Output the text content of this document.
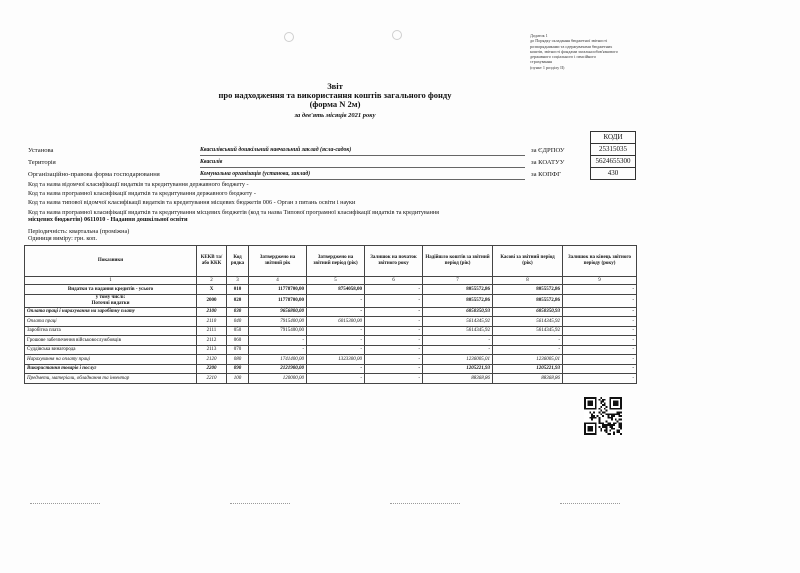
Додаток 1
до Порядку складання бюджетної звітності
розпорядниками та одержувачами бюджетних
коштів, звітності фондами загальнообов'язкового
державного соціального і пенсійного
страхування
(пункт 1 розділу II)
Звіт
про надходження та використання коштів загального фонду
(форма N 2м)
за дев'ять місяців 2021 року
КОДИ
Установа	Квасилівський дошкільний навчальний заклад (ясла-садок)	за ЄДРПОУ	25315035
Територія	Квасилів	за КОАТУУ	5624655300
Організаційно-правова форма господарювання	Комунальна організація (установа, заклад)	за КОПФГ	430
Код та назва відомчої класифікації видатків та кредитування державного бюджету -
Код та назва програмної класифікації видатків та кредитування державного бюджету -
Код та назва типової відомчої класифікації видатків та кредитування місцевих бюджетів 006 - Орган з питань освіти і науки
Код та назва програмної класифікації видатків та кредитування місцевих бюджетів (код та назва Типової програмної класифікації видатків та кредитування
місцевих бюджетів) 0611010 - Надання дошкільної освіти
Періодичність: квартальна (проміжна)
Одиниця виміру: грн. коп.
Показники	КЕКВ та/або ККК	Код рядка	Затверджено на звітний рік	Затверджено на звітний період (рік)	Залишок на початок звітного року	Надійшло коштів за звітний період (рік)	Касові за звітний період (рік)	Залишок на кінець звітного періоду (року)
1	2	3	4	5	6	7	8	9
Видатки та надання кредитів - усього	X	010	11778700,00	8754058,00	-	8055572,86	8055572,86	-
у тому числі:
Поточні видатки	2000	020	11778700,00	-	-	8055572,86	8055572,86	-
Оплата праці і нарахування на заробітну плату	2100	030	9656800,00	-	-	6850350,93	6850350,93	-
Оплата праці	2110	040	7915400,00	6015300,00	-	5614345,92	5614345,92	-
Заробітна плата	2111	050	7915400,00	-	-	5614345,92	5614345,92	-
Грошове забезпечення військовослужбовців	2112	060	-	-	-	-	-	-
Суддівська винагорода	2113	070	-	-	-	-	-	-
Нарахування на оплату праці	2120	080	1741400,00	1323300,00	-	1236005,01	1236005,01	-
Використання товарів і послуг	2200	090	2121900,00	-	-	1205221,93	1205221,93	-
Предмети, матеріали, обладнання та інвентар	2210	100	120000,00	-	-	88368,86	88368,86	-
